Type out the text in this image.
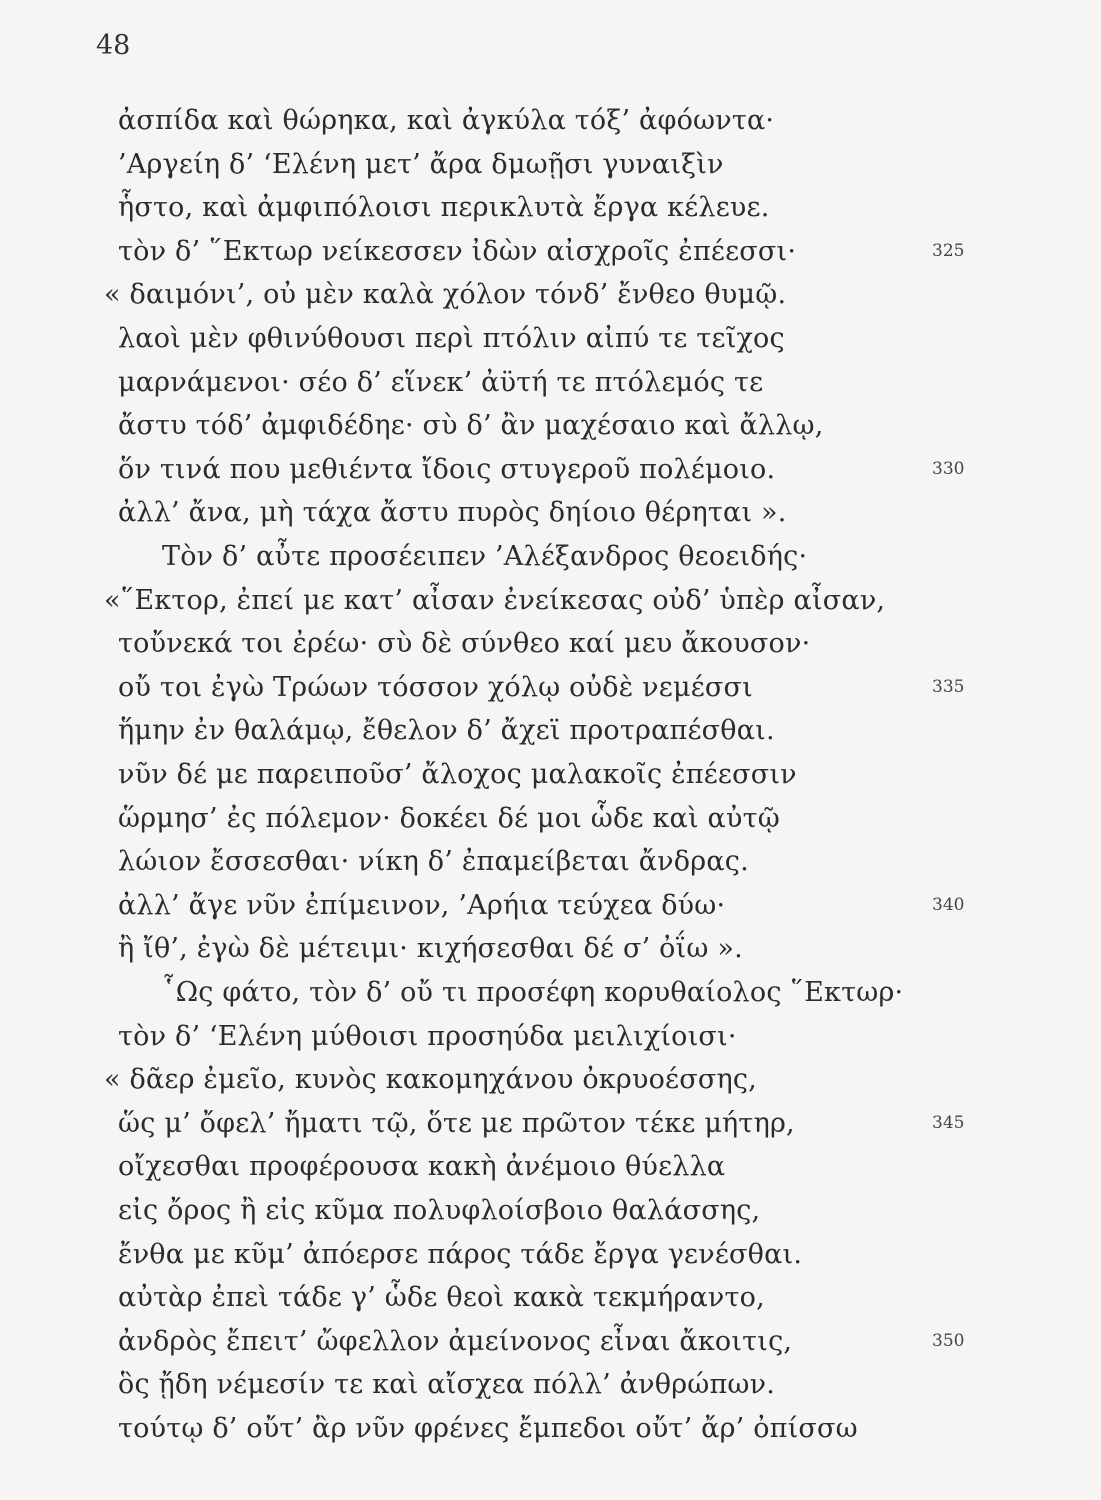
48
ἀσπίδα καὶ θώρηκα, καὶ ἀγκύλα τόξ’ ἀφόωντα·
’Αργείη δ’ ‘Ελένη μετ’ ἄρα δμωῇσι γυναιξὶν
ἧστο, καὶ ἀμφιπόλοισι περικλυτὰ ἔργα κέλευε.
τὸν δ’ ῞Εκτωρ νείκεσσεν ἰδὼν αἰσχροῖς ἐπέεσσι·	325
« δαιμόνι’, οὐ μὲν καλὰ χόλον τόνδ’ ἔνθεο θυμῷ.
λαοὶ μὲν φθινύθουσι περὶ πτόλιν αἰπύ τε τεῖχος
μαρνάμενοι· σέο δ’ εἵνεκ’ ἀϋτή τε πτόλεμός τε
ἄστυ τόδ’ ἀμφιδέδηε· σὺ δ’ ἂν μαχέσαιο καὶ ἄλλῳ,
ὅν τινά που μεθιέντα ἴδοις στυγεροῦ πολέμοιο.	330
ἀλλ’ ἄνα, μὴ τάχα ἄστυ πυρὸς δηίοιο θέρηται ».
Τὸν δ’ αὖτε προσέειπεν ’Αλέξανδρος θεοειδής·
«῞Εκτορ, ἐπεί με κατ’ αἶσαν ἐνείκεσας οὐδ’ ὑπὲρ αἶσαν,
τοὔνεκά τοι ἐρέω· σὺ δὲ σύνθεο καί μευ ἄκουσον·
οὔ τοι ἐγὼ Τρώων τόσσον χόλῳ οὐδὲ νεμέσσι	335
ἥμην ἐν θαλάμῳ, ἔθελον δ’ ἄχεϊ προτραπέσθαι.
νῦν δέ με παρειποῦσ’ ἄλοχος μαλακοῖς ἐπέεσσιν
ὥρμησ’ ἐς πόλεμον· δοκέει δέ μοι ὧδε καὶ αὐτῷ
λώιον ἔσσεσθαι· νίκη δ’ ἐπαμείβεται ἄνδρας.
ἀλλ’ ἄγε νῦν ἐπίμεινον, ’Αρήια τεύχεα δύω·	340
ἢ ἴθ’, ἐγὼ δὲ μέτειμι· κιχήσεσθαι δέ σ’ ὀΐω ».
῟Ως φάτο, τὸν δ’ οὔ τι προσέφη κορυθαίολος ῞Εκτωρ·
τὸν δ’ ‘Ελένη μύθοισι προσηύδα μειλιχίοισι·
« δᾶερ ἐμεῖο, κυνὸς κακομηχάνου ὀκρυοέσσης,
ὥς μ’ ὄφελ’ ἤματι τῷ, ὅτε με πρῶτον τέκε μήτηρ,	345
οἴχεσθαι προφέρουσα κακὴ ἀνέμοιο θύελλα
εἰς ὄρος ἢ εἰς κῦμα πολυφλοίσβοιο θαλάσσης,
ἔνθα με κῦμ’ ἀπόερσε πάρος τάδε ἔργα γενέσθαι.
αὐτὰρ ἐπεὶ τάδε γ’ ὧδε θεοὶ κακὰ τεκμήραντο,
ἀνδρὸς ἔπειτ’ ὤφελλον ἀμείνονος εἶναι ἄκοιτις,	350
ὃς ᾔδη νέμεσίν τε καὶ αἴσχεα πόλλ’ ἀνθρώπων.
τούτῳ δ’ οὔτ’ ἂρ νῦν φρένες ἔμπεδοι οὔτ’ ἄρ’ ὀπίσσω
